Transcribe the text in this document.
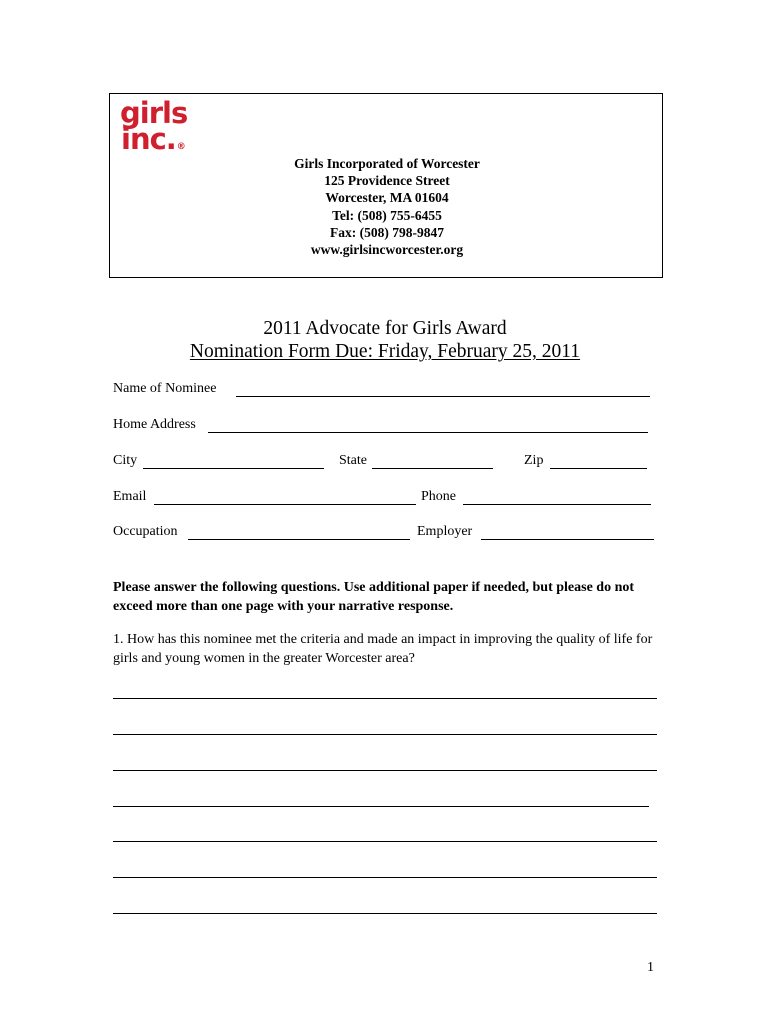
girls
inc.®
Girls Incorporated of Worcester
125 Providence Street
Worcester, MA 01604
Tel: (508) 755-6455
Fax: (508) 798-9847
www.girlsincworcester.org
2011 Advocate for Girls Award
Nomination Form Due: Friday, February 25, 2011
Name of Nominee
Home Address
City	State	Zip
Email	Phone
Occupation	Employer
Please answer the following questions. Use additional paper if needed, but please do not exceed more than one page with your narrative response.
1. How has this nominee met the criteria and made an impact in improving the quality of life for girls and young women in the greater Worcester area?
1
